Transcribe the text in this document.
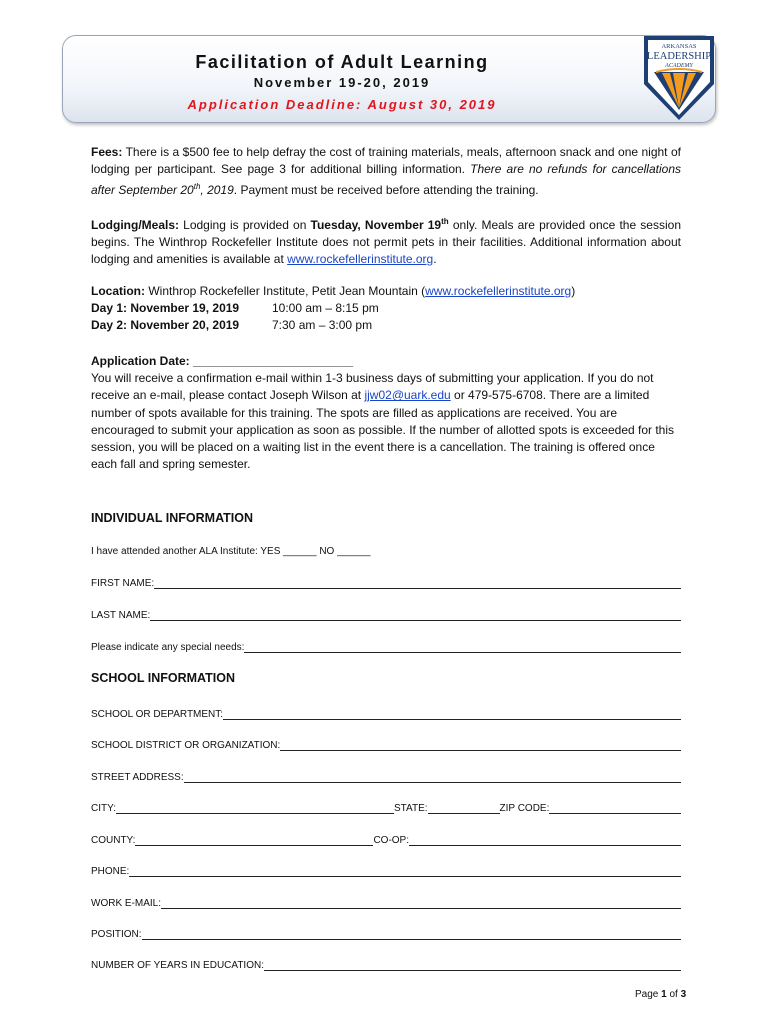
Facilitation of Adult Learning
November 19-20, 2019
Application Deadline: August 30, 2019
ARKANSAS
LEADERSHIP
ACADEMY
Fees: There is a $500 fee to help defray the cost of training materials, meals, afternoon snack and one night of lodging per participant. See page 3 for additional billing information. There are no refunds for cancellations after September 20th, 2019. Payment must be received before attending the training.
Lodging/Meals: Lodging is provided on Tuesday, November 19th only. Meals are provided once the session begins. The Winthrop Rockefeller Institute does not permit pets in their facilities. Additional information about lodging and amenities is available at www.rockefellerinstitute.org.
Location: Winthrop Rockefeller Institute, Petit Jean Mountain (www.rockefellerinstitute.org)
Day 1: November 19, 2019	10:00 am – 8:15 pm
Day 2: November 20, 2019	7:30 am – 3:00 pm
Application Date: ________________________
You will receive a confirmation e-mail within 1-3 business days of submitting your application. If you do not receive an e-mail, please contact Joseph Wilson at jjw02@uark.edu or 479-575-6708. There are a limited number of spots available for this training. The spots are filled as applications are received. You are encouraged to submit your application as soon as possible. If the number of allotted spots is exceeded for this session, you will be placed on a waiting list in the event there is a cancellation. The training is offered once each fall and spring semester.
INDIVIDUAL INFORMATION
I have attended another ALA Institute: YES ______ NO ______
FIRST NAME:
LAST NAME:
Please indicate any special needs:
SCHOOL INFORMATION
SCHOOL OR DEPARTMENT:
SCHOOL DISTRICT OR ORGANIZATION:
STREET ADDRESS:
CITY:	STATE:	ZIP CODE:
COUNTY:	CO-OP:
PHONE:
WORK E-MAIL:
POSITION:
NUMBER OF YEARS IN EDUCATION:
Page 1 of 3
